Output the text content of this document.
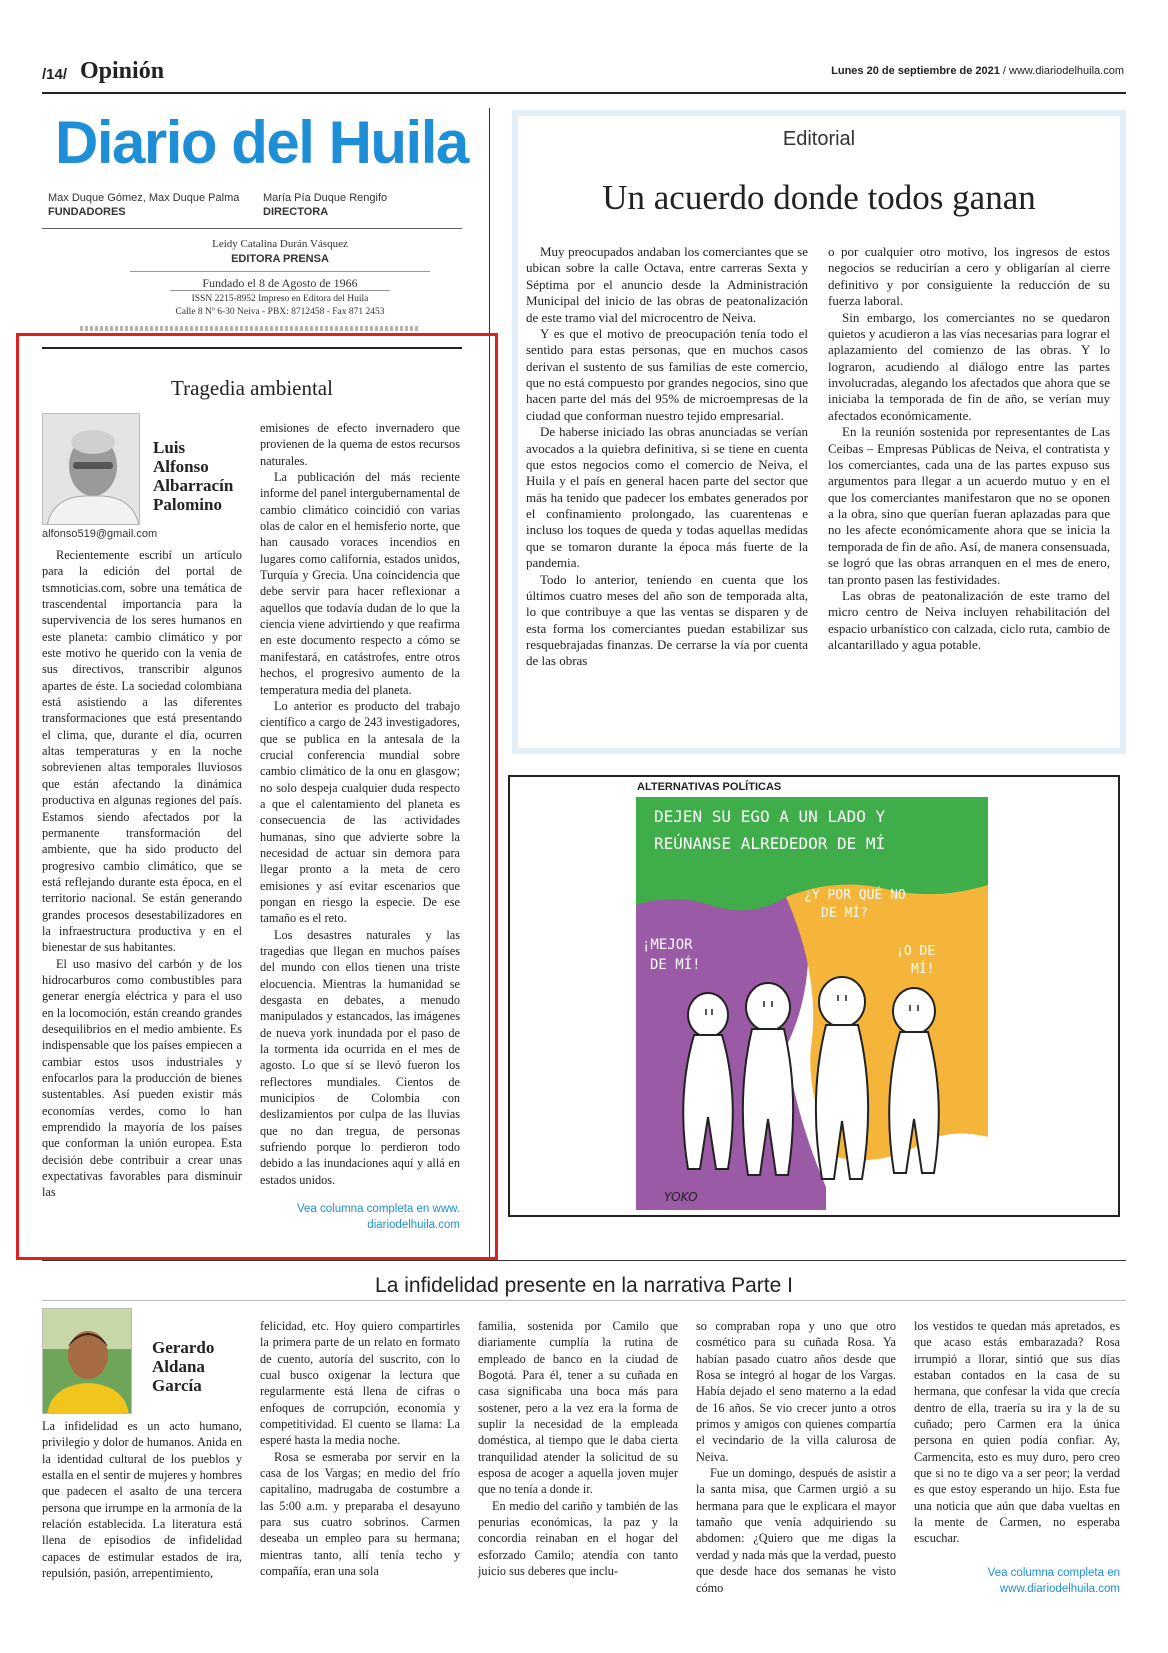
/14/ Opinión	Lunes 20 de septiembre de 2021 / www.diariodelhuila.com
Diario del Huila
Max Duque Gómez, Max Duque Palma
FUNDADORES
María Pía Duque Rengifo
DIRECTORA
Leidy Catalina Durán Vásquez
EDITORA PRENSA
Fundado el 8 de Agosto de 1966
ISSN 2215-8952 Impreso en Editora del Huila
Calle 8 Nº 6-30 Neiva - PBX: 8712458 - Fax 871 2453
Tragedia ambiental
Luis
Alfonso
Albarracín
Palomino
alfonso519@gmail.com

Recientemente escribí un artículo para la edición del portal de tsmnoticias.com, sobre una temática de trascendental importancia para la supervivencia de los seres humanos en este planeta: cambio climático y por este motivo he querido con la venia de sus directivos, transcribir algunos apartes de éste. La sociedad colombiana está asistiendo a las diferentes transformaciones que está presentando el clima, que, durante el día, ocurren altas temperaturas y en la noche sobrevienen altas temporales lluviosos que están afectando la dinámica productiva en algunas regiones del país. Estamos siendo afectados por la permanente transformación del ambiente, que ha sido producto del progresivo cambio climático, que se está reflejando durante esta época, en el territorio nacional. Se están generando grandes procesos desestabilizadores en la infraestructura productiva y en el bienestar de sus habitantes.

El uso masivo del carbón y de los hidrocarburos como combustibles para generar energía eléctrica y para el uso en la locomoción, están creando grandes desequilibrios en el medio ambiente. Es indispensable que los países empiecen a cambiar estos usos industriales y enfocarlos para la producción de bienes sustentables. Así pueden existir más economías verdes, como lo han emprendido la mayoría de los países que conforman la unión europea. Esta decisión debe contribuir a crear unas expectativas favorables para disminuir las

emisiones de efecto invernadero que provienen de la quema de estos recursos naturales.

La publicación del más reciente informe del panel intergubernamental de cambio climático coincidió con varias olas de calor en el hemisferio norte, que han causado voraces incendios en lugares como california, estados unidos, Turquía y Grecia. Una coincidencia que debe servir para hacer reflexionar a aquellos que todavía dudan de lo que la ciencia viene advirtiendo y que reafirma en este documento respecto a cómo se manifestará, en catástrofes, entre otros hechos, el progresivo aumento de la temperatura media del planeta.

Lo anterior es producto del trabajo científico a cargo de 243 investigadores, que se publica en la antesala de la crucial conferencia mundial sobre cambio climático de la onu en glasgow; no solo despeja cualquier duda respecto a que el calentamiento del planeta es consecuencia de las actividades humanas, sino que advierte sobre la necesidad de actuar sin demora para llegar pronto a la meta de cero emisiones y así evitar escenarios que pongan en riesgo la especie. De ese tamaño es el reto.

Los desastres naturales y las tragedias que llegan en muchos países del mundo con ellos tienen una triste elocuencia. Mientras la humanidad se desgasta en debates, a menudo manipulados y estancados, las imágenes de nueva york inundada por el paso de la tormenta ida ocurrida en el mes de agosto. Lo que sí se llevó fueron los reflectores mundiales. Cientos de municipios de Colombia con deslizamientos por culpa de las lluvias que no dan tregua, de personas sufriendo porque lo perdieron todo debido a las inundaciones aquí y allá en estados unidos.

Vea columna completa en www.
diariodelhuila.com
Editorial
Un acuerdo donde todos ganan

Muy preocupados andaban los comerciantes que se ubican sobre la calle Octava, entre carreras Sexta y Séptima por el anuncio desde la Administración Municipal del inicio de las obras de peatonalización de este tramo vial del microcentro de Neiva.

Y es que el motivo de preocupación tenía todo el sentido para estas personas, que en muchos casos derivan el sustento de sus familias de este comercio, que no está compuesto por grandes negocios, sino que hacen parte del más del 95% de microempresas de la ciudad que conforman nuestro tejido empresarial.

De haberse iniciado las obras anunciadas se verían avocados a la quiebra definitiva, si se tiene en cuenta que estos negocios como el comercio de Neiva, el Huila y el país en general hacen parte del sector que más ha tenido que padecer los embates generados por el confinamiento prolongado, las cuarentenas e incluso los toques de queda y todas aquellas medidas que se tomaron durante la época más fuerte de la pandemia.

Todo lo anterior, teniendo en cuenta que los últimos cuatro meses del año son de temporada alta, lo que contribuye a que las ventas se disparen y de esta forma los comerciantes puedan estabilizar sus resquebrajadas finanzas. De cerrarse la vía por cuenta de las obras

o por cualquier otro motivo, los ingresos de estos negocios se reducirían a cero y obligarían al cierre definitivo y por consiguiente la reducción de su fuerza laboral.

Sin embargo, los comerciantes no se quedaron quietos y acudieron a las vías necesarias para lograr el aplazamiento del comienzo de las obras. Y lo lograron, acudiendo al diálogo entre las partes involucradas, alegando los afectados que ahora que se iniciaba la temporada de fin de año, se verían muy afectados económicamente.

En la reunión sostenida por representantes de Las Ceibas – Empresas Públicas de Neiva, el contratista y los comerciantes, cada una de las partes expuso sus argumentos para llegar a un acuerdo mutuo y en el que los comerciantes manifestaron que no se oponen a la obra, sino que querían fueran aplazadas para que no les afecte económicamente ahora que se inicia la temporada de fin de año. Así, de manera consensuada, se logró que las obras arranquen en el mes de enero, tan pronto pasen las festividades.

Las obras de peatonalización de este tramo del micro centro de Neiva incluyen rehabilitación del espacio urbanístico con calzada, ciclo ruta, cambio de alcantarillado y agua potable.

ALTERNATIVAS POLÍTICAS
DEJEN SU EGO A UN LADO Y
REÚNANSE ALREDEDOR DE MÍ
¿Y POR QUÉ NO
DE MÍ?
¡MEJOR
DE MÍ!
¡O DE
MÍ!
YOKO
La infidelidad presente en la narrativa Parte I
Gerardo
Aldana
García

La infidelidad es un acto humano, privilegio y dolor de humanos. Anida en la identidad cultural de los pueblos y estalla en el sentir de mujeres y hombres que padecen el asalto de una tercera persona que irrumpe en la armonía de la relación establecida. La literatura está llena de episodios de infidelidad capaces de estimular estados de ira, repulsión, pasión, arrepentimiento,

felicidad, etc. Hoy quiero compartirles la primera parte de un relato en formato de cuento, autoría del suscrito, con lo cual busco oxigenar la lectura que regularmente está llena de cifras o enfoques de corrupción, economía y competitividad. El cuento se llama: La esperé hasta la media noche.

Rosa se esmeraba por servir en la casa de los Vargas; en medio del frío capitalino, madrugaba de costumbre a las 5:00 a.m. y preparaba el desayuno para sus cuatro sobrinos. Carmen deseaba un empleo para su hermana; mientras tanto, allí tenía techo y compañía, eran una sola

familia, sostenida por Camilo que diariamente cumplía la rutina de empleado de banco en la ciudad de Bogotá. Para él, tener a su cuñada en casa significaba una boca más para sostener, pero a la vez era la forma de suplir la necesidad de la empleada doméstica, al tiempo que le daba cierta tranquilidad atender la solicitud de su esposa de acoger a aquella joven mujer que no tenía a donde ir.

En medio del cariño y también de las penurias económicas, la paz y la concordia reinaban en el hogar del esforzado Camilo; atendía con tanto juicio sus deberes que inclu-

so compraban ropa y uno que otro cosmético para su cuñada Rosa. Ya habían pasado cuatro años desde que Rosa se integró al hogar de los Vargas. Había dejado el seno materno a la edad de 16 años. Se vio crecer junto a otros primos y amigos con quienes compartía el vecindario de la villa calurosa de Neiva.

Fue un domingo, después de asistir a la santa misa, que Carmen urgió a su hermana para que le explicara el mayor tamaño que venía adquiriendo su abdomen: ¿Quiero que me digas la verdad y nada más que la verdad, puesto que desde hace dos semanas he visto cómo

los vestidos te quedan más apretados, es que acaso estás embarazada? Rosa irrumpió a llorar, sintió que sus días estaban contados en la casa de su hermana, que confesar la vida que crecía dentro de ella, traería su ira y la de su cuñado; pero Carmen era la única persona en quien podía confiar. Ay, Carmencita, esto es muy duro, pero creo que si no te digo va a ser peor; la verdad es que estoy esperando un hijo. Esta fue una noticia que aún que daba vueltas en la mente de Carmen, no esperaba escuchar.

Vea columna completa en
www.diariodelhuila.com
